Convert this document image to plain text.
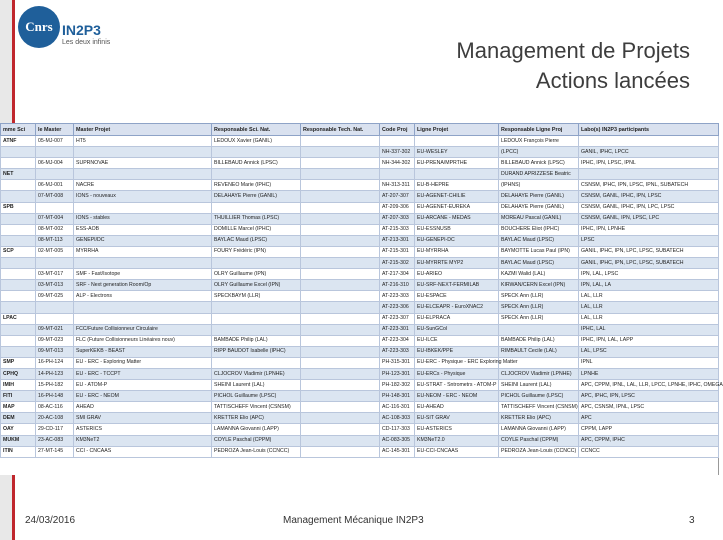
Cnrs IN2P3
Les deux infinis	Management de Projets
Actions lancées
mme Sci	le Master	Master Projet	Responsable Sci. Nat.	Responsable Tech. Nat.	Code Proj	Ligne Projet	Responsable Ligne Proj	Labo(s) IN2P3 participants
ATNF	05-MJ-007	HT5	LEDOUX Xavier (GANIL)				LEDOUX François Pierre	
					NH-337-302	EU-WESLEY	(LPCC)	GANIL, IPHC, LPCC
	06-MJ-004	SUPRNOVAE	BILLEBAUD Annick (LPSC)		NH-344-302	EU-PRENA/MPRTHE	BILLEBAUD Annick (LPSC)	IPHC, IPN, LPSC, IPNL
NET							DURAND APRIZZESE Beatric	
	06-MJ-001	NACRE	REVENEO Marie (IPHC)		NH-313-311	EU-B-HEPRE	(IPHNS)	CSNSM, IPHC, IPN, LPSC, IPNL, SUBATECH
	07-MT-008	IONS - nouveaux	DELAHAYE Pierre (GANIL)		AT-207-307	EU-AGENET-CHILIE	DELAHAYE Pierre (GANIL)	CSNSM, GANIL, IPHC, IPN, LPSC
SPB					AT-209-306	EU-AGENET-EUREKA	DELAHAYE Pierre (GANIL)	CSNSM, GANIL, IPHC, IPN, LPC, LPSC
	07-MT-004	IONS - stables	THUILLIER Thomas (LPSC)		AT-207-303	EU-ARCANE - MEDAS	MOREAU Pascal (GANIL)	CSNSM, GANIL, IPN, LPSC, LPC
	08-MT-002	ESS-AOB	DOMILLE Marcel (IPHC)		AT-215-303	EU-ESSNUSB	BOUCHERE Eliot (IPHC)	IPHC, IPN, LPNHE
	08-MT-113	GENEPI/DC	BAYLAC Maud (LPSC)		AT-213-301	EU-GENEPI-DC	BAYLAC Maud (LPSC)	LPSC
SCP	02-MT-005	MYRRHA	FOURY Frédéric (IPN)		AT-215-301	EU-MYRRHA	BAYMOTTE Lucas Paul (IPN)	GANIL, IPHC, IPN, LPC, LPSC, SUBATECH
					AT-215-302	EU-MYRRTE MYP2	BAYLAC Maud (LPSC)	GANIL, IPHC, IPN, LPC, LPSC, SUBATECH
	03-MT-017	SMF - Fast/Isotope	OLRY Guillaume (IPN)		AT-217-304	EU-ARIEO	KAZMI Walid (LAL)	IPN, LAL, LPSC
	03-MT-013	SRF - Next generation Room/Op	OLRY Guillaume Excel (IPN)		AT-216-310	EU-SRF-NEXT-FERMILAB	KIRWAN/CERN Excel (IPN)	IPN, LAL, LA
	09-MT-025	ALP - Electrons	SPECKBAYM (LLR)		AT-223-303	EU-ESPACE	SPECK Ann (LLR)	LAL, LLR
					AT-223-306	EU-ELCEAPR - EuroXNAC2	SPECK Ann (LLR)	LAL, LLR
LPAC					AT-223-307	EU-ELPRACA	SPECK Ann (LLR)	LAL, LLR
	09-MT-021	FCC/Future Collisionneur Circulaire			AT-223-301	EU-SunGCol		IPHC, LAL
	09-MT-023	FLC (Future Collisionneurs Linéaires nouv)	BAMBADE Philip (LAL)		AT-223-304	EU-ILCE	BAMBADE Philip (LAL)	IPHC, IPN, LAL, LAPP
	09-MT-013	SuperKEKB - BEAST	RIPP BAUDOT Isabelle (IPHC)		AT-223-303	EU-IBKEK/PPE	RIMBAULT Cecile (LAL)	LAL, LPSC
SMP	16-PH-124	EU - ERC - Exploring Matter			PH-315-301	EU-ERC - Physique - ERC Exploring Matter		IPNL
CPHQ	14-PH-123	EU - ERC - TCCPT	CLJOCROV Vladimir (LPNHE)		PH-123-301	EU-ERCs - Physique	CLJOCROV Vladimir (LPNHE)	LPNHE
IMIH	15-PH-182	EU - ATOM-P	SHEINI Laurent (LAL)		PH-182-302	EU-STRAT - Sntrometrs - ATOM-P	SHEINI Laurent (LAL)	APC, CPPM, IPNL, LAL, LLR, LPCC, LPNHE, IPHC, OMEGA
FITI	16-PH-148	EU - ERC - NEOM	PICHOL Guillaume (LPSC)		PH-148-301	EU-NEOM - ERC - NEOM	PICHOL Guillaume (LPSC)	APC, IPHC, IPN, LPSC
MAP	08-AC-116	AHEAD	TATTISCHEFF Vincent (CSNSM)		AC-116-301	EU-AHEAD	TATTISCHEFF Vincent (CSNSM)	APC, CSNSM, IPNL, LPSC
DEM	20-AC-108	SMI GRAV	KRETTER Elio (APC)		AC-108-303	EU-SIT GRAV	KRETTER Elio (APC)	APC
OAY	29-CD-117	ASTERICS	LAMANNA Giovanni (LAPP)		CD-117-303	EU-ASTERICS	LAMANNA Giovanni (LAPP)	CPPM, LAPP
MUKM	23-AC-083	KM3NeT2	COYLE Paschal (CPPM)		AC-083-305	KM3NeT2.0	COYLE Paschal (CPPM)	APC, CPPM, IPHC
ITIN	27-MT-145	CCI - CNCAAS	PEDROZA Jean-Louis (CCNCC)		AC-145-301	EU-CCI-CNCAAS	PEDROZA Jean-Louis (CCNCC)	CCNCC
24/03/2016	Management Mécanique IN2P3	3
